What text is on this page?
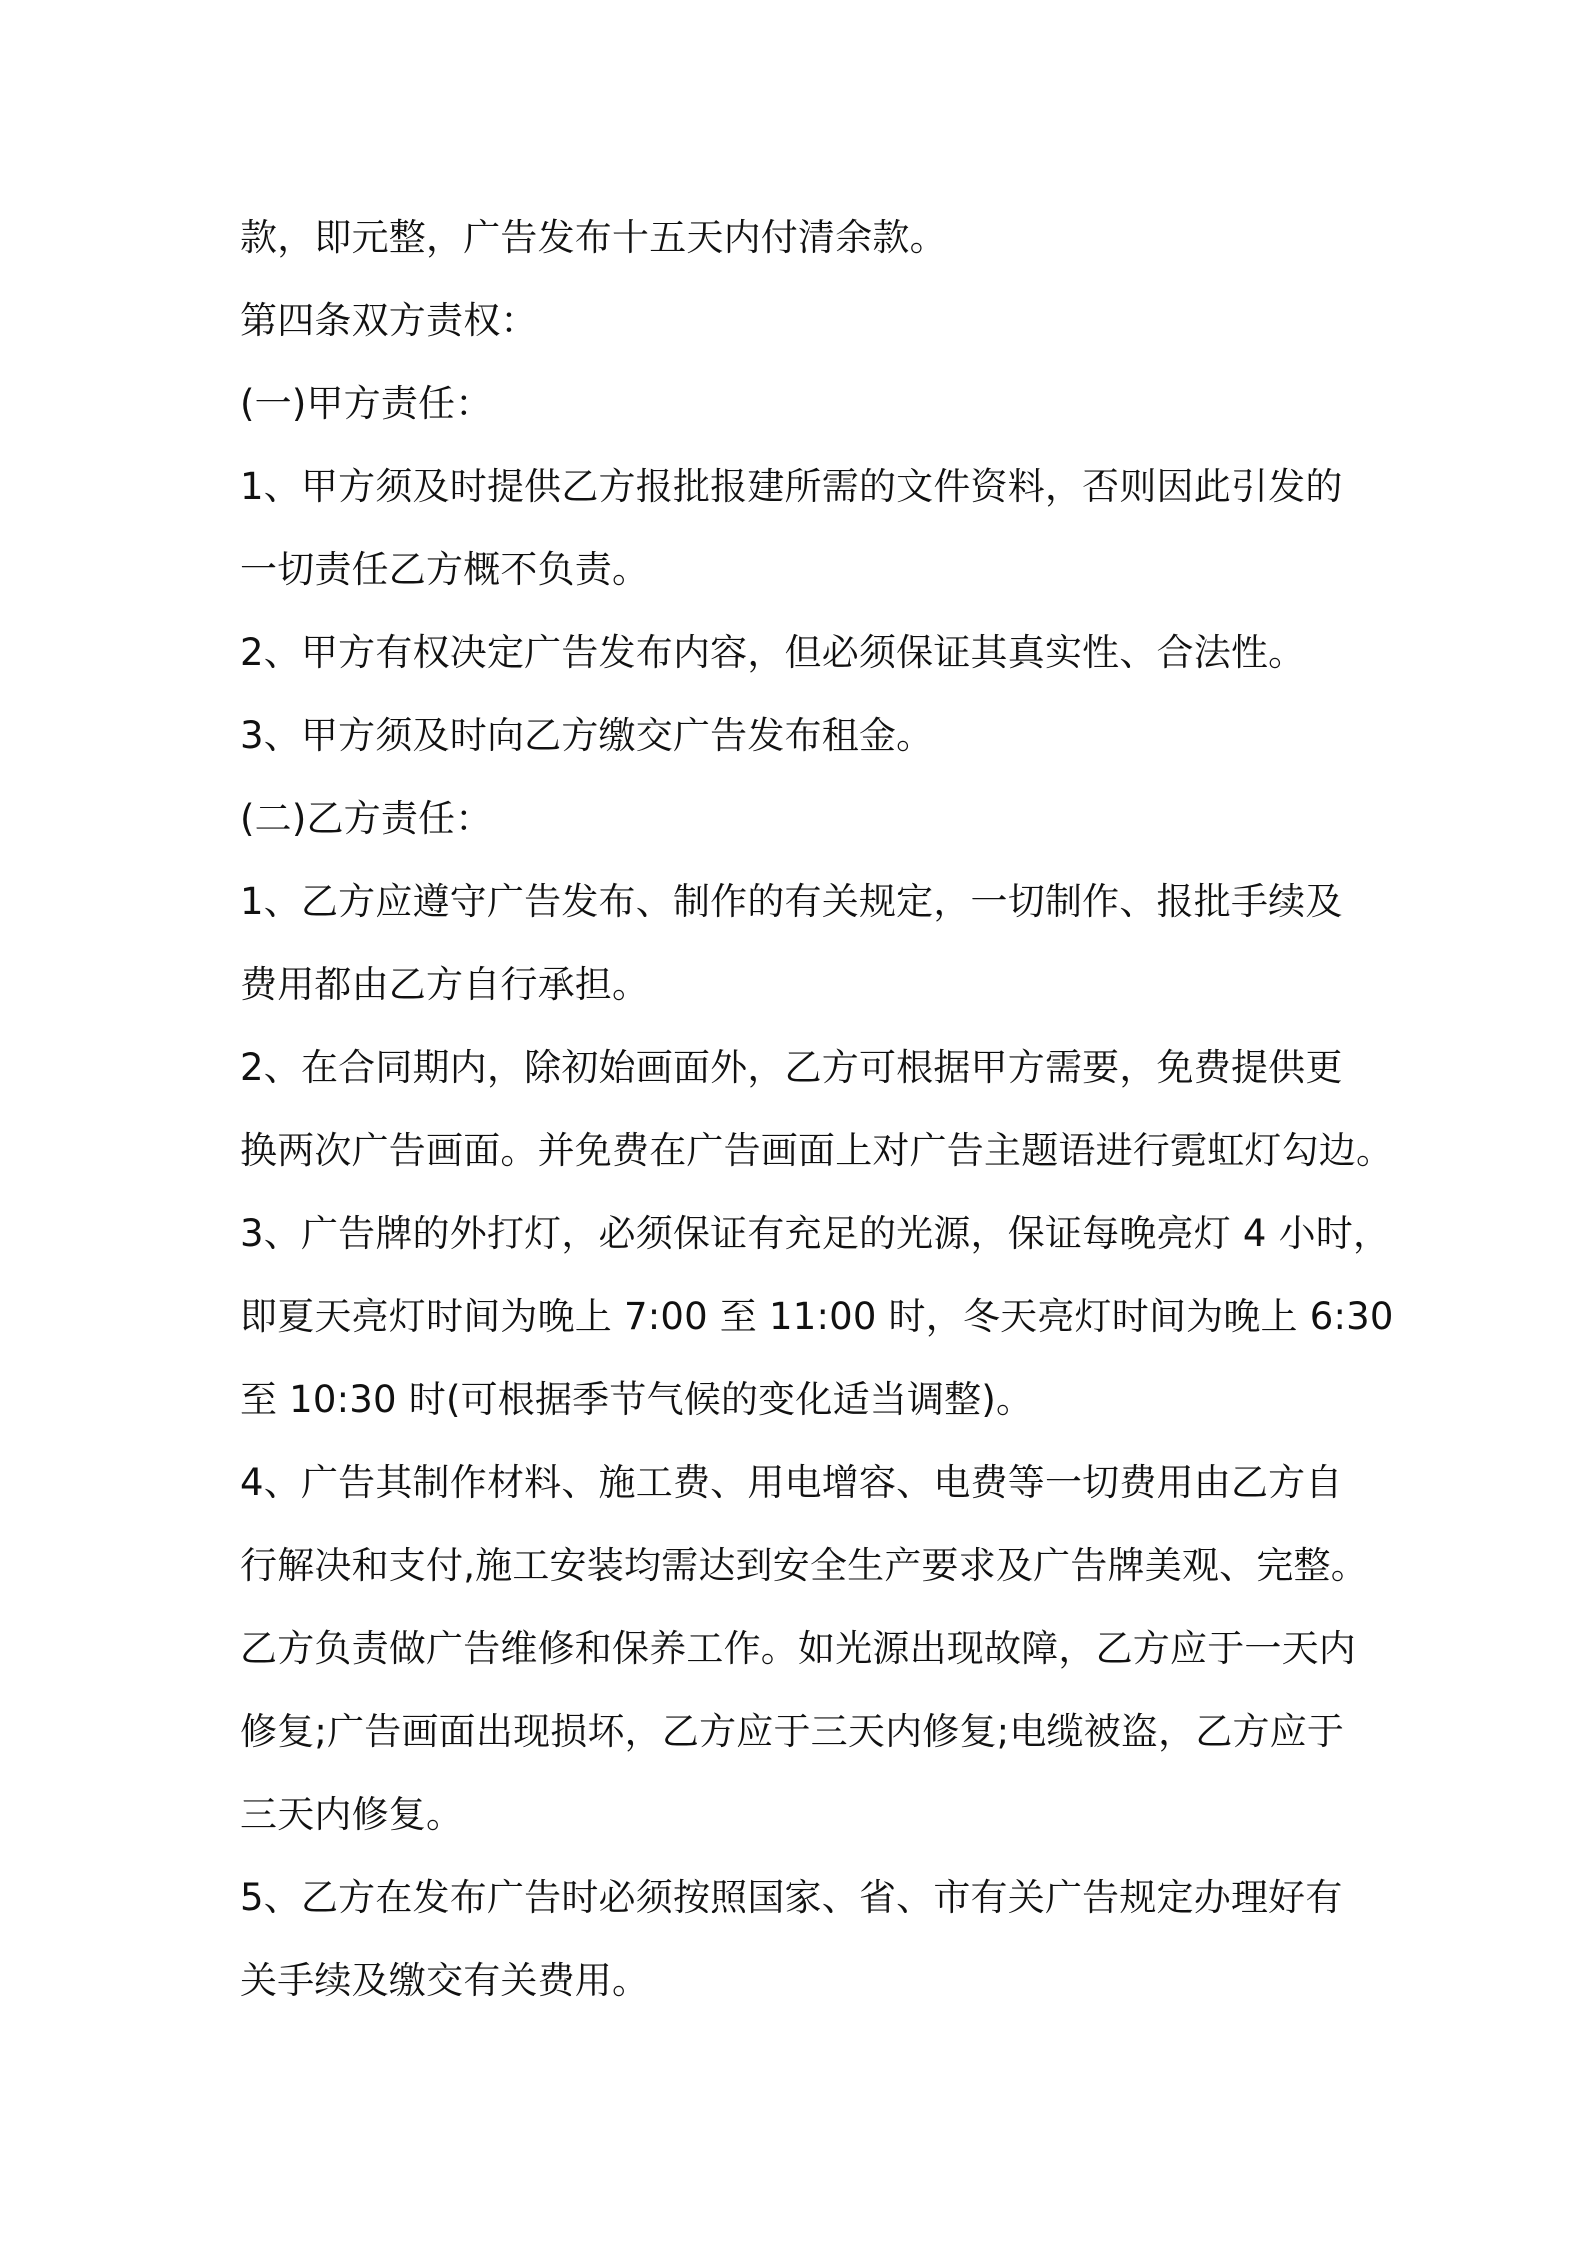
款，即元整，广告发布十五天内付清余款。
第四条双方责权：
(一)甲方责任：
1、甲方须及时提供乙方报批报建所需的文件资料，否则因此引发的
一切责任乙方概不负责。
2、甲方有权决定广告发布内容，但必须保证其真实性、合法性。
3、甲方须及时向乙方缴交广告发布租金。
(二)乙方责任：
1、乙方应遵守广告发布、制作的有关规定，一切制作、报批手续及
费用都由乙方自行承担。
2、在合同期内，除初始画面外，乙方可根据甲方需要，免费提供更
换两次广告画面。并免费在广告画面上对广告主题语进行霓虹灯勾边。
3、广告牌的外打灯，必须保证有充足的光源，保证每晚亮灯 4 小时，
即夏天亮灯时间为晚上 7:00 至 11:00 时，冬天亮灯时间为晚上 6:30
至 10:30 时(可根据季节气候的变化适当调整)。
4、广告其制作材料、施工费、用电增容、电费等一切费用由乙方自
行解决和支付,施工安装均需达到安全生产要求及广告牌美观、完整。
乙方负责做广告维修和保养工作。如光源出现故障，乙方应于一天内
修复;广告画面出现损坏，乙方应于三天内修复;电缆被盗，乙方应于
三天内修复。
5、乙方在发布广告时必须按照国家、省、市有关广告规定办理好有
关手续及缴交有关费用。
